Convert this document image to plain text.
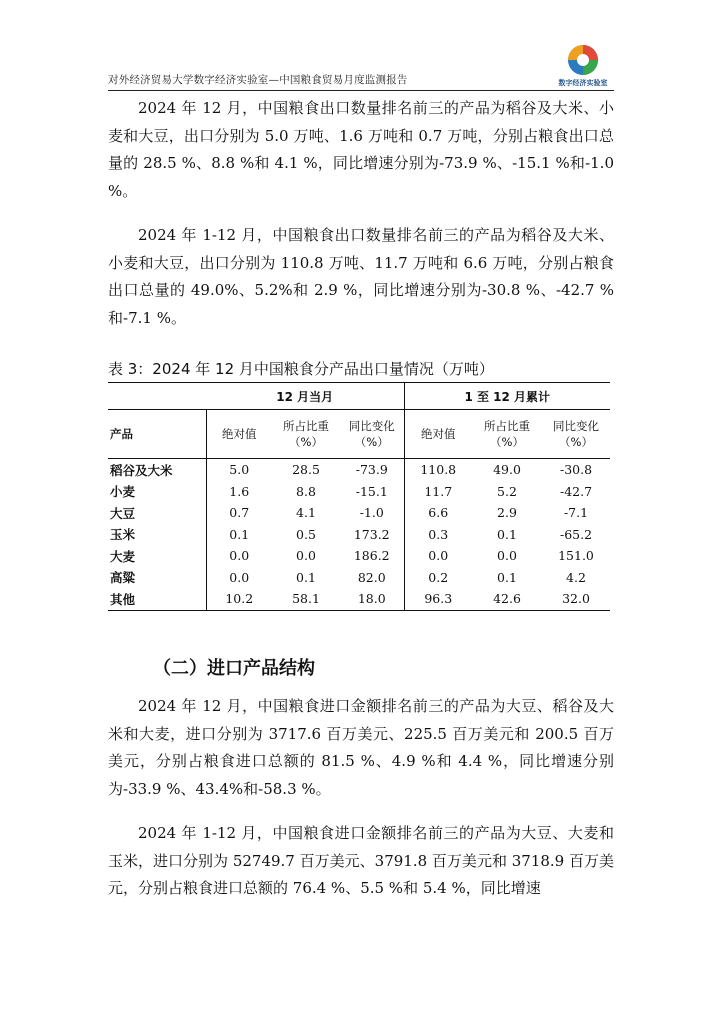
对外经济贸易大学数字经济实验室—中国粮食贸易月度监测报告	数字经济实验室
2024 年 12 月，中国粮食出口数量排名前三的产品为稻谷及大米、小麦和大豆，出口分别为 5.0 万吨、1.6 万吨和 0.7 万吨，分别占粮食出口总量的 28.5 %、8.8 %和 4.1 %，同比增速分别为-73.9 %、-15.1 %和-1.0 %。
2024 年 1-12 月，中国粮食出口数量排名前三的产品为稻谷及大米、小麦和大豆，出口分别为 110.8 万吨、11.7 万吨和 6.6 万吨，分别占粮食出口总量的 49.0%、5.2%和 2.9 %，同比增速分别为-30.8 %、-42.7 %和-7.1 %。
表 3：2024 年 12 月中国粮食分产品出口量情况（万吨）
	12 月当月			1 至 12 月累计		
产品	绝对值	所占比重（%）	同比变化（%）	绝对值	所占比重（%）	同比变化（%）
稻谷及大米	5.0	28.5	-73.9	110.8	49.0	-30.8
小麦	1.6	8.8	-15.1	11.7	5.2	-42.7
大豆	0.7	4.1	-1.0	6.6	2.9	-7.1
玉米	0.1	0.5	173.2	0.3	0.1	-65.2
大麦	0.0	0.0	186.2	0.0	0.0	151.0
高粱	0.0	0.1	82.0	0.2	0.1	4.2
其他	10.2	58.1	18.0	96.3	42.6	32.0
（二）进口产品结构
2024 年 12 月，中国粮食进口金额排名前三的产品为大豆、稻谷及大米和大麦，进口分别为 3717.6 百万美元、225.5 百万美元和 200.5 百万美元，分别占粮食进口总额的 81.5 %、4.9 %和 4.4 %，同比增速分别为-33.9 %、43.4%和-58.3 %。
2024 年 1-12 月，中国粮食进口金额排名前三的产品为大豆、大麦和玉米，进口分别为 52749.7 百万美元、3791.8 百万美元和 3718.9 百万美元，分别占粮食进口总额的 76.4 %、5.5 %和 5.4 %，同比增速
